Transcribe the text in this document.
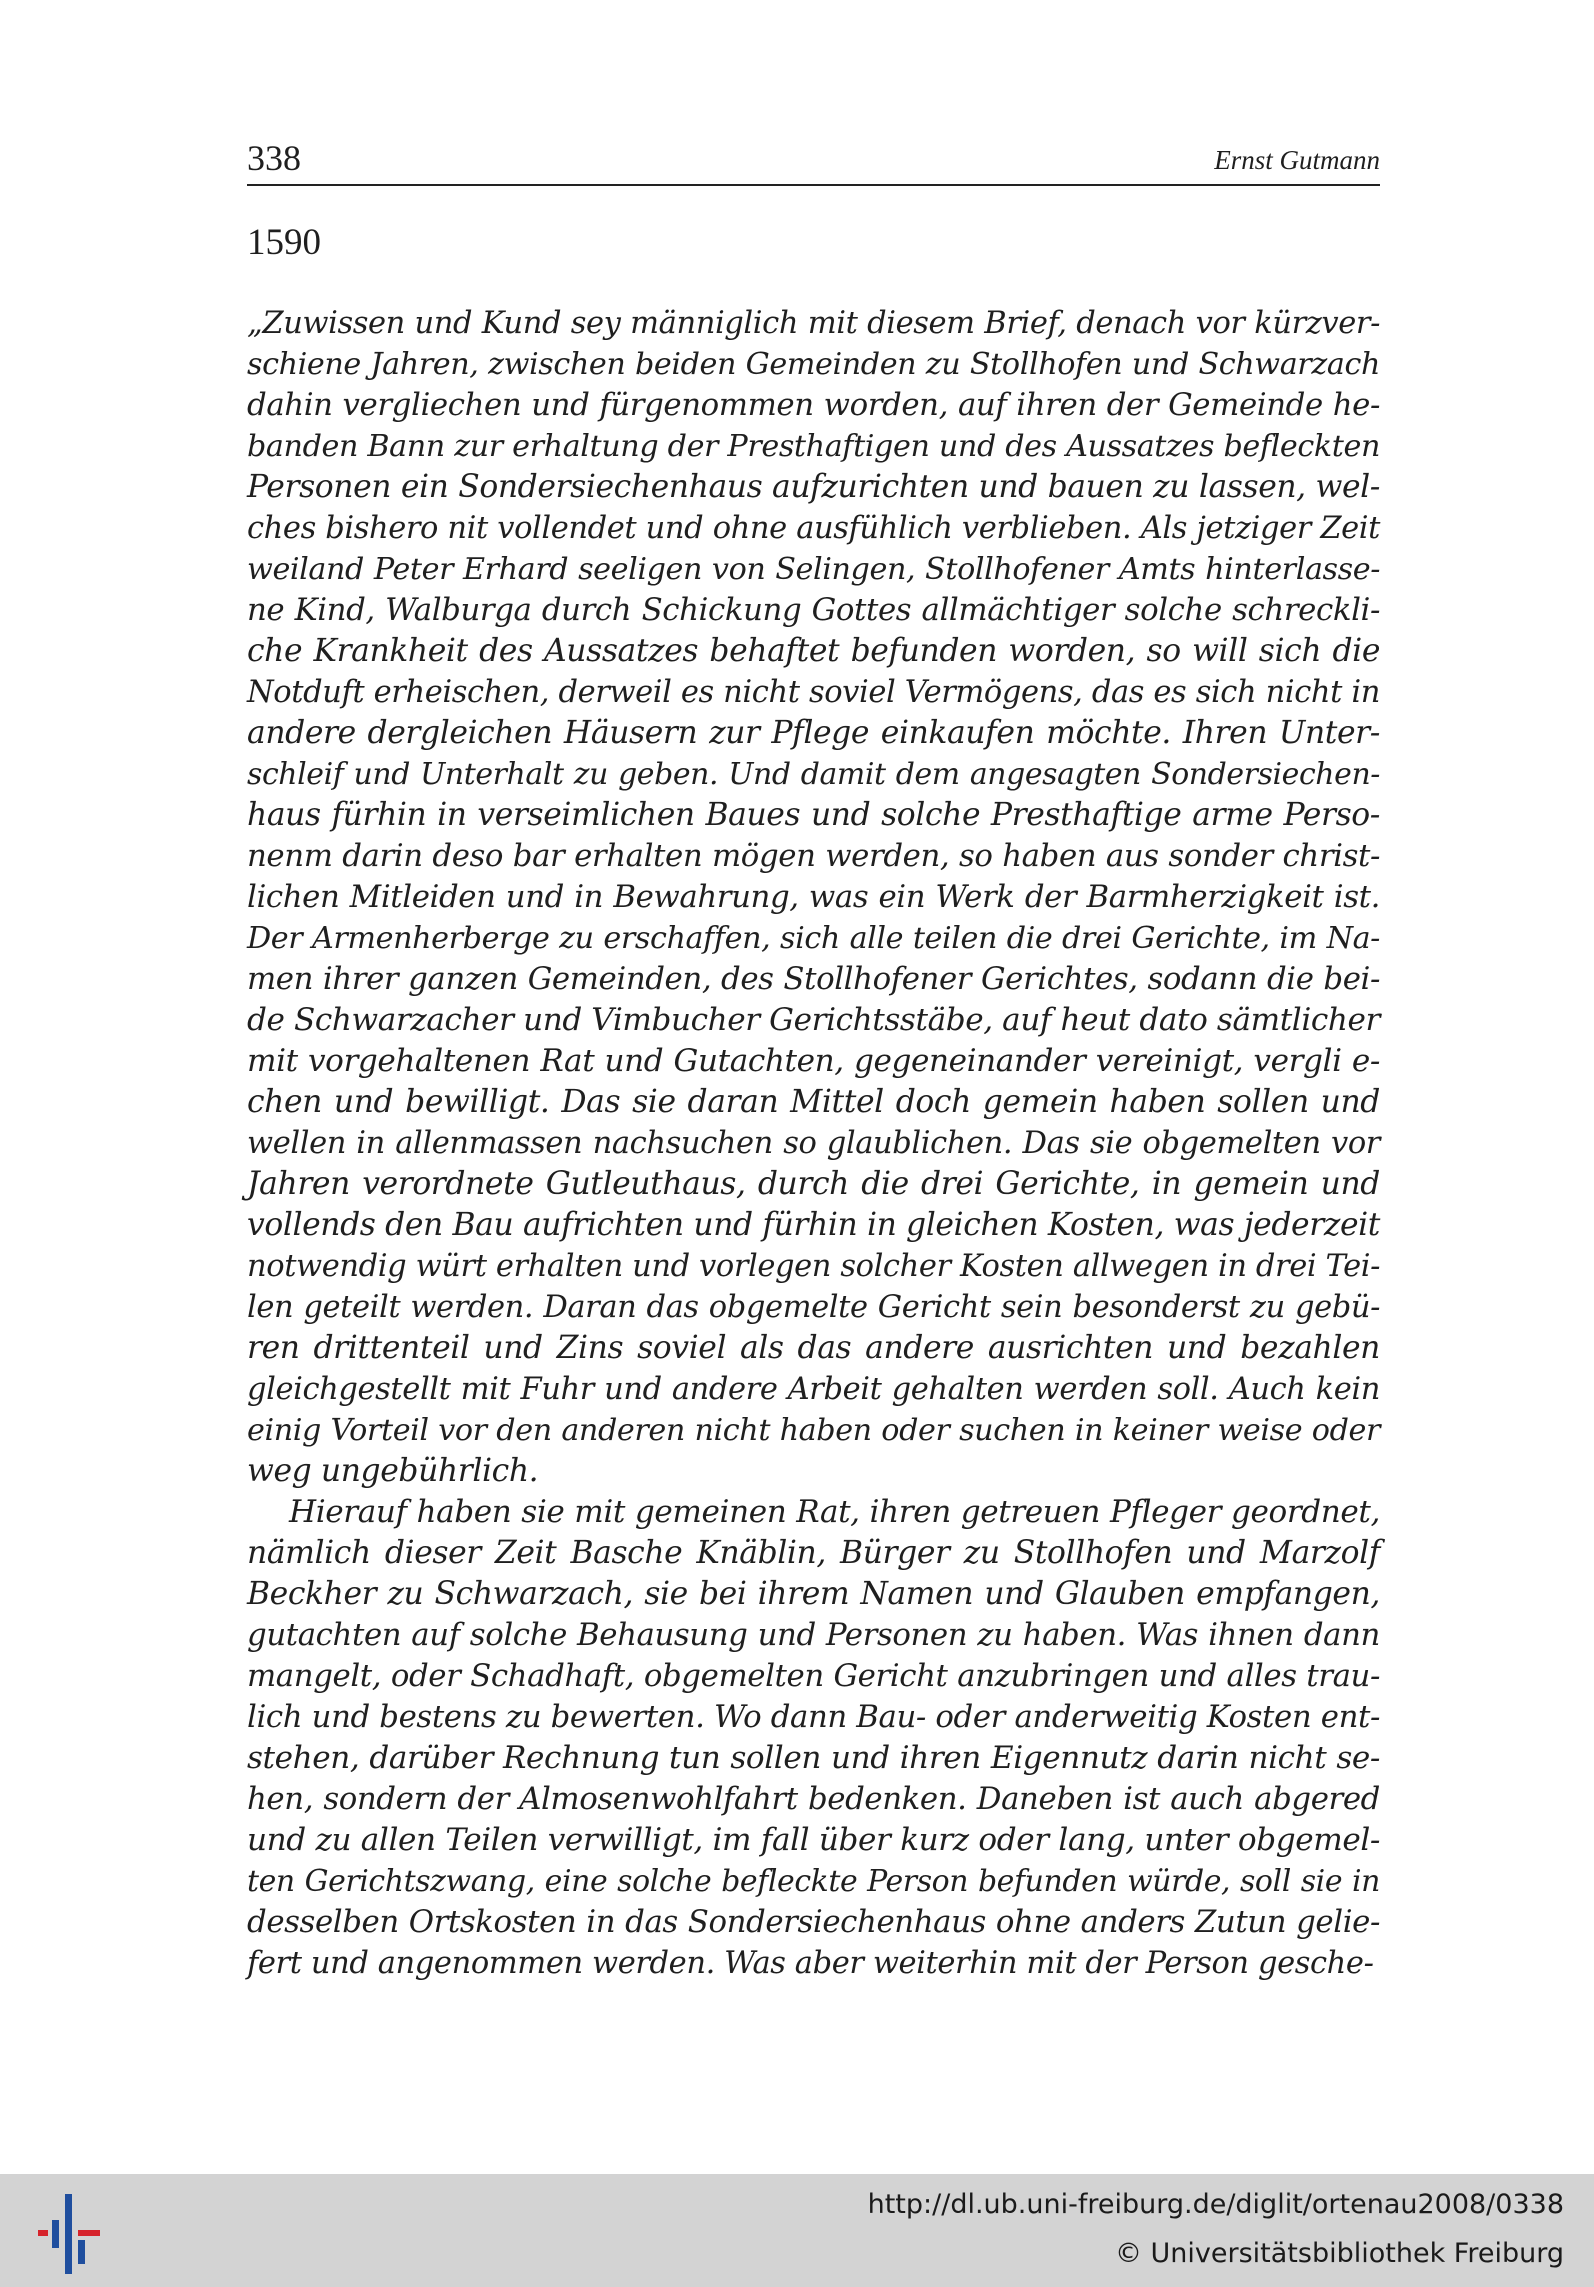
338	Ernst Gutmann
1590

„Zuwissen und Kund sey männiglich mit diesem Brief, denach vor kürzver-
schiene Jahren, zwischen beiden Gemeinden zu Stollhofen und Schwarzach
dahin vergliechen und fürgenommen worden, auf ihren der Gemeinde he-
banden Bann zur erhaltung der Presthaftigen und des Aussatzes befleckten
Personen ein Sondersiechenhaus aufzurichten und bauen zu lassen, wel-
ches bishero nit vollendet und ohne ausfühlich verblieben. Als jetziger Zeit
weiland Peter Erhard seeligen von Selingen, Stollhofener Amts hinterlasse-
ne Kind, Walburga durch Schickung Gottes allmächtiger solche schreckli-
che Krankheit des Aussatzes behaftet befunden worden, so will sich die
Notduft erheischen, derweil es nicht soviel Vermögens, das es sich nicht in
andere dergleichen Häusern zur Pflege einkaufen möchte. Ihren Unter-
schleif und Unterhalt zu geben. Und damit dem angesagten Sondersiechen-
haus fürhin in verseimlichen Baues und solche Presthaftige arme Perso-
nenm darin deso bar erhalten mögen werden, so haben aus sonder christ-
lichen Mitleiden und in Bewahrung, was ein Werk der Barmherzigkeit ist.
Der Armenherberge zu erschaffen, sich alle teilen die drei Gerichte, im Na-
men ihrer ganzen Gemeinden, des Stollhofener Gerichtes, sodann die bei-
de Schwarzacher und Vimbucher Gerichtsstäbe, auf heut dato sämtlicher
mit vorgehaltenen Rat und Gutachten, gegeneinander vereinigt, vergli e-
chen und bewilligt. Das sie daran Mittel doch gemein haben sollen und
wellen in allenmassen nachsuchen so glaublichen. Das sie obgemelten vor
Jahren verordnete Gutleuthaus, durch die drei Gerichte, in gemein und
vollends den Bau aufrichten und fürhin in gleichen Kosten, was jederzeit
notwendig würt erhalten und vorlegen solcher Kosten allwegen in drei Tei-
len geteilt werden. Daran das obgemelte Gericht sein besonderst zu gebü-
ren drittenteil und Zins soviel als das andere ausrichten und bezahlen
gleichgestellt mit Fuhr und andere Arbeit gehalten werden soll. Auch kein
einig Vorteil vor den anderen nicht haben oder suchen in keiner weise oder
weg ungebührlich.

Hierauf haben sie mit gemeinen Rat, ihren getreuen Pfleger geordnet,
nämlich dieser Zeit Basche Knäblin, Bürger zu Stollhofen und Marzolf
Beckher zu Schwarzach, sie bei ihrem Namen und Glauben empfangen,
gutachten auf solche Behausung und Personen zu haben. Was ihnen dann
mangelt, oder Schadhaft, obgemelten Gericht anzubringen und alles trau-
lich und bestens zu bewerten. Wo dann Bau- oder anderweitig Kosten ent-
stehen, darüber Rechnung tun sollen und ihren Eigennutz darin nicht se-
hen, sondern der Almosenwohlfahrt bedenken. Daneben ist auch abgered
und zu allen Teilen verwilligt, im fall über kurz oder lang, unter obgemel-
ten Gerichtszwang, eine solche befleckte Person befunden würde, soll sie in
desselben Ortskosten in das Sondersiechenhaus ohne anders Zutun gelie-
fert und angenommen werden. Was aber weiterhin mit der Person gesche-

http://dl.ub.uni-freiburg.de/diglit/ortenau2008/0338
© Universitätsbibliothek Freiburg
